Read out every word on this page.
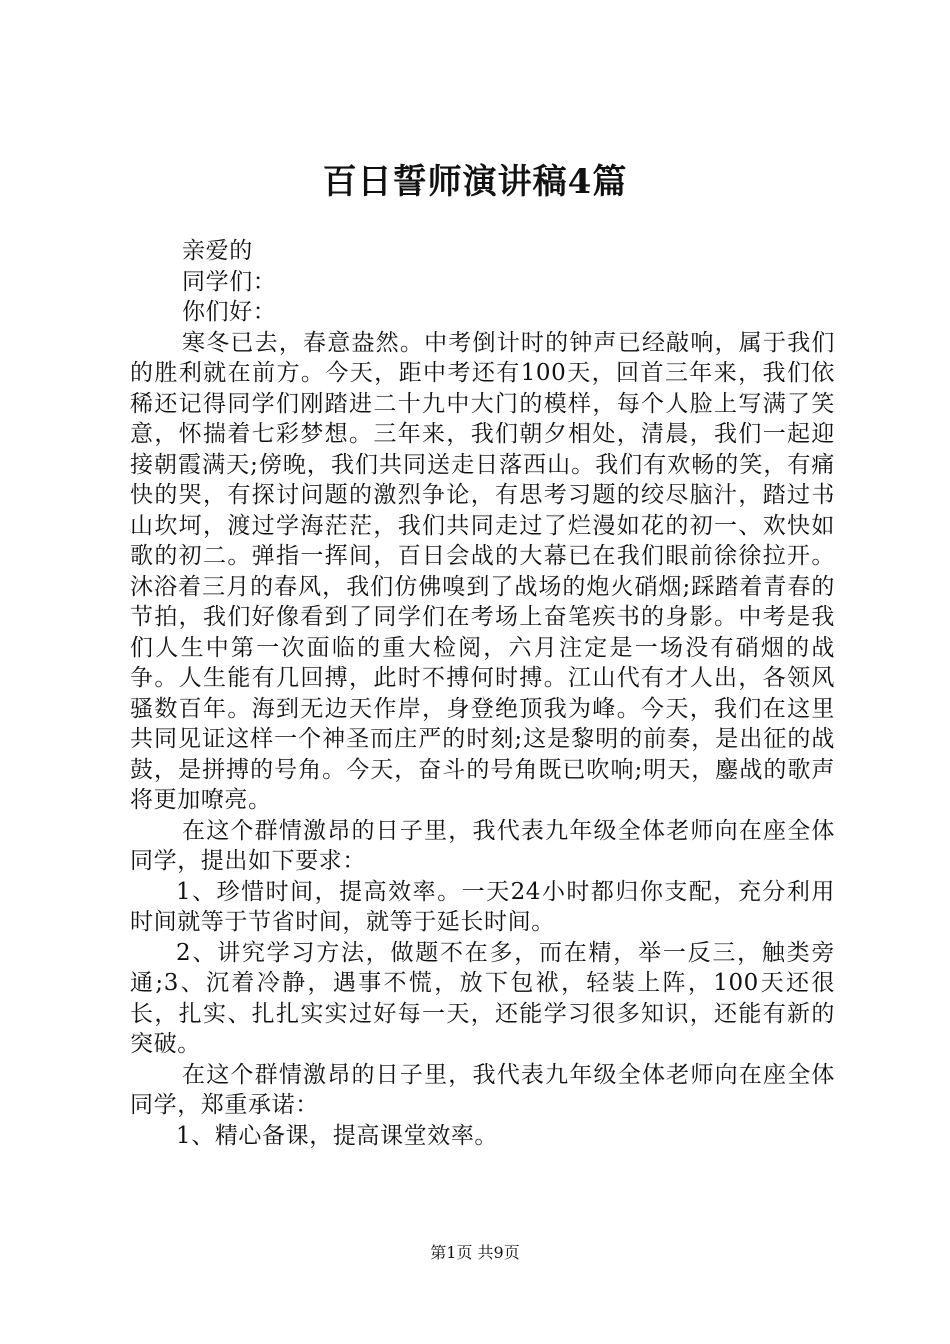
百日誓师演讲稿4篇
亲爱的
同学们：
你们好：

寒冬已去，春意盎然。中考倒计时的钟声已经敲响，属于我们的胜利就在前方。今天，距中考还有100天，回首三年来，我们依稀还记得同学们刚踏进二十九中大门的模样，每个人脸上写满了笑意，怀揣着七彩梦想。三年来，我们朝夕相处，清晨，我们一起迎接朝霞满天;傍晚，我们共同送走日落西山。我们有欢畅的笑，有痛快的哭，有探讨问题的激烈争论，有思考习题的绞尽脑汁，踏过书山坎坷，渡过学海茫茫，我们共同走过了烂漫如花的初一、欢快如歌的初二。弹指一挥间，百日会战的大幕已在我们眼前徐徐拉开。沐浴着三月的春风，我们仿佛嗅到了战场的炮火硝烟;踩踏着青春的节拍，我们好像看到了同学们在考场上奋笔疾书的身影。中考是我们人生中第一次面临的重大检阅，六月注定是一场没有硝烟的战争。人生能有几回搏，此时不搏何时搏。江山代有才人出，各领风骚数百年。海到无边天作岸，身登绝顶我为峰。今天，我们在这里共同见证这样一个神圣而庄严的时刻;这是黎明的前奏，是出征的战鼓，是拼搏的号角。今天，奋斗的号角既已吹响;明天，鏖战的歌声将更加嘹亮。

在这个群情激昂的日子里，我代表九年级全体老师向在座全体同学，提出如下要求：

1、珍惜时间，提高效率。一天24小时都归你支配，充分利用时间就等于节省时间，就等于延长时间。

2、讲究学习方法，做题不在多，而在精，举一反三，触类旁通;3、沉着冷静，遇事不慌，放下包袱，轻装上阵，100天还很长，扎实、扎扎实实过好每一天，还能学习很多知识，还能有新的突破。

在这个群情激昂的日子里，我代表九年级全体老师向在座全体同学，郑重承诺：

1、精心备课，提高课堂效率。

第1页 共9页
